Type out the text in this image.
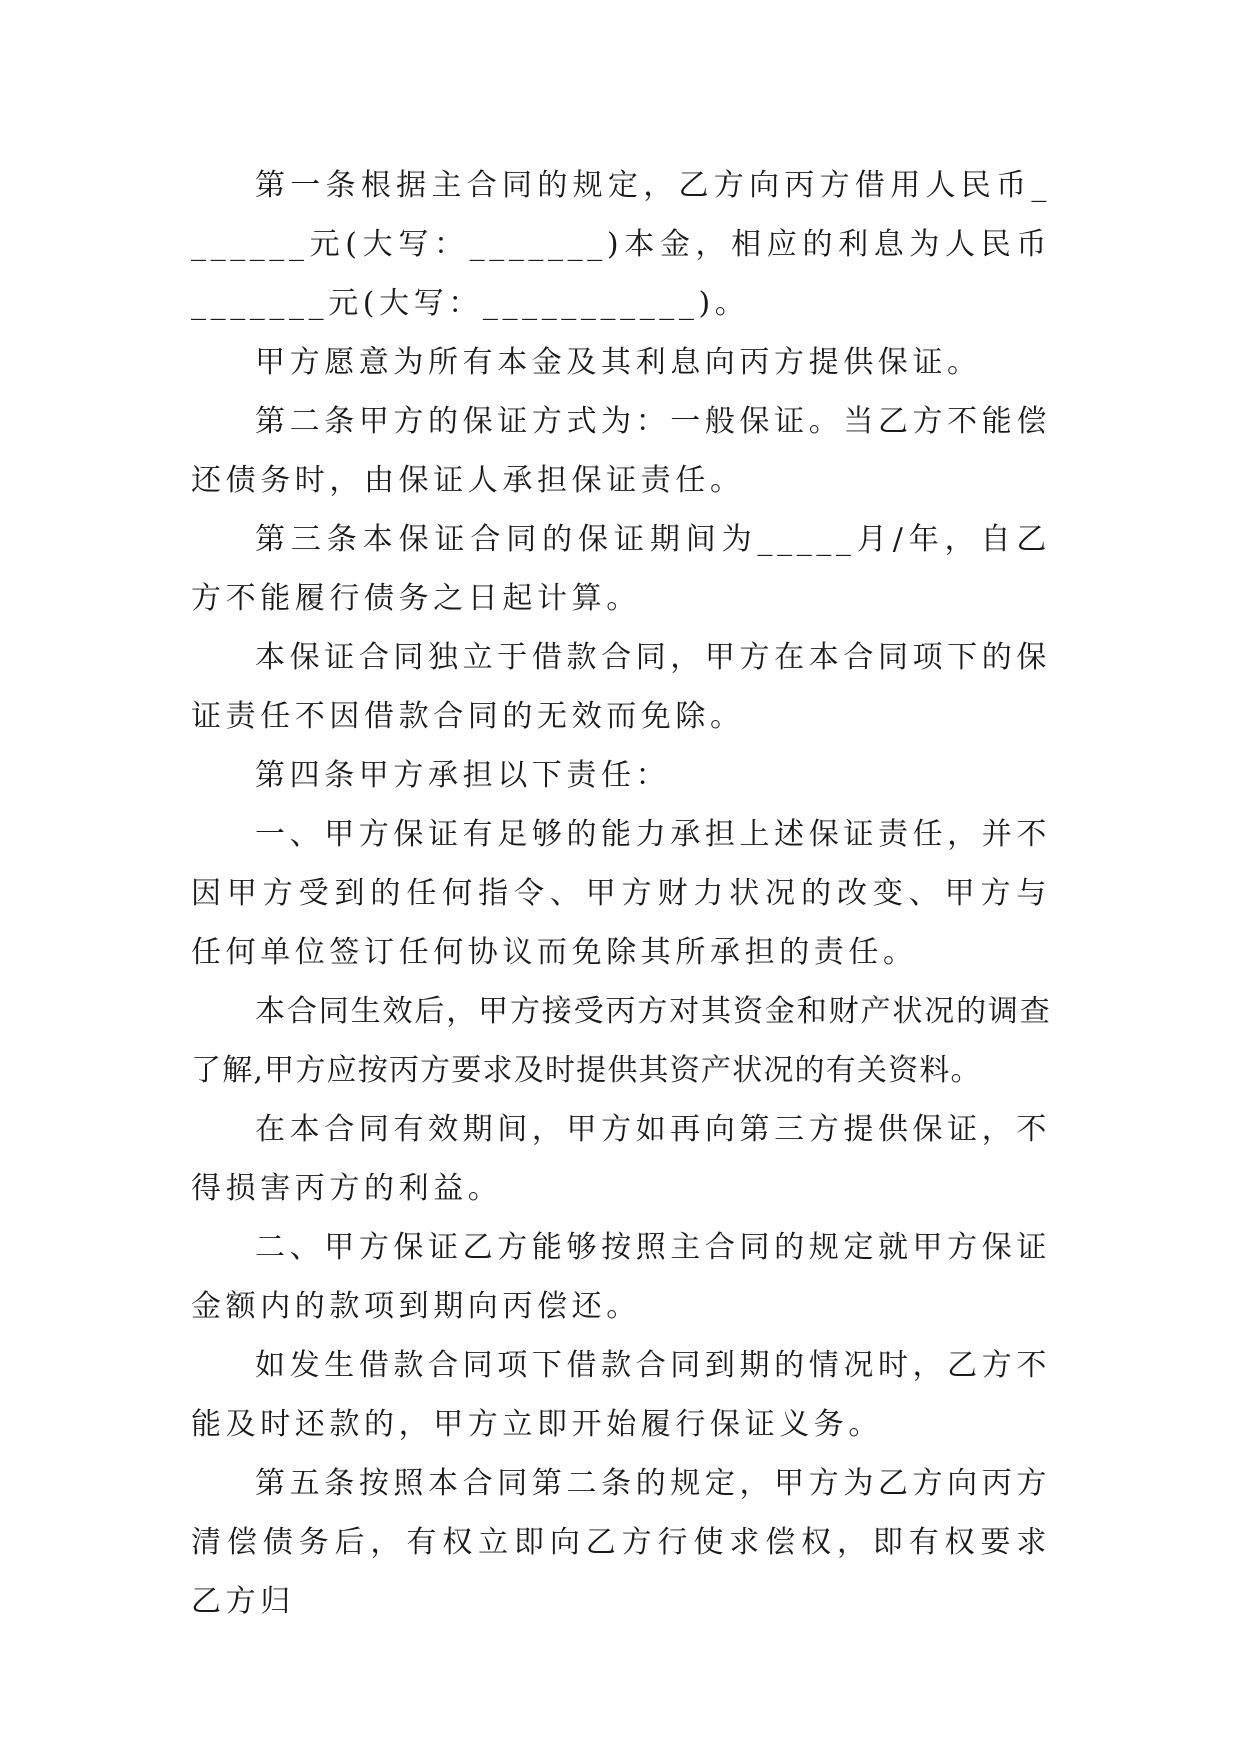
第一条根据主合同的规定，乙方向丙方借用人民币_______元(大写：_______)本金，相应的利息为人民币_______元(大写：___________)。

甲方愿意为所有本金及其利息向丙方提供保证。

第二条甲方的保证方式为：一般保证。当乙方不能偿还债务时，由保证人承担保证责任。

第三条本保证合同的保证期间为_____月/年，自乙方不能履行债务之日起计算。

本保证合同独立于借款合同，甲方在本合同项下的保证责任不因借款合同的无效而免除。

第四条甲方承担以下责任：

一、甲方保证有足够的能力承担上述保证责任，并不因甲方受到的任何指令、甲方财力状况的改变、甲方与任何单位签订任何协议而免除其所承担的责任。

本合同生效后，甲方接受丙方对其资金和财产状况的调查了解,甲方应按丙方要求及时提供其资产状况的有关资料。

在本合同有效期间，甲方如再向第三方提供保证，不得损害丙方的利益。

二、甲方保证乙方能够按照主合同的规定就甲方保证金额内的款项到期向丙偿还。

如发生借款合同项下借款合同到期的情况时，乙方不能及时还款的，甲方立即开始履行保证义务。

第五条按照本合同第二条的规定，甲方为乙方向丙方清偿债务后，有权立即向乙方行使求偿权，即有权要求乙方归
